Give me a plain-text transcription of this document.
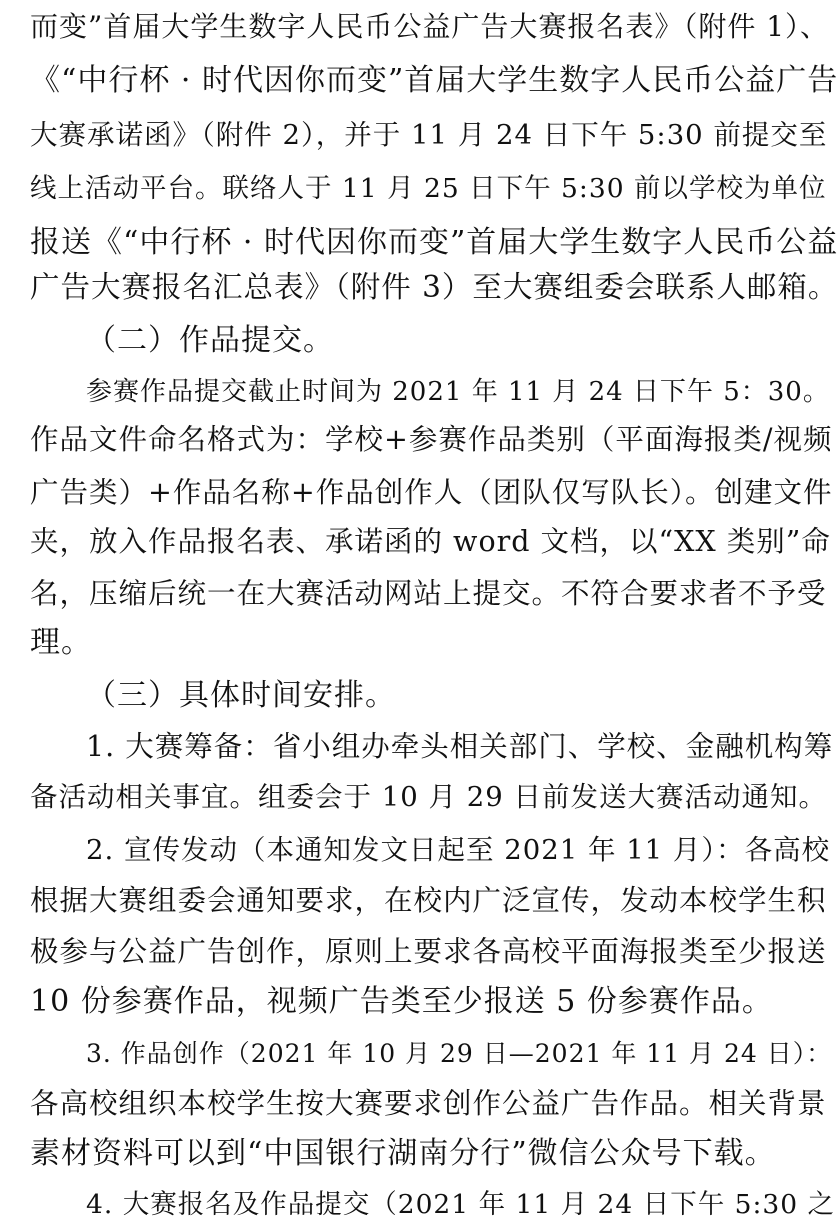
而变”首届大学生数字人民币公益广告大赛报名表》（附件 1）、
《“中行杯 · 时代因你而变”首届大学生数字人民币公益广告
大赛承诺函》（附件 2），并于 11 月 24 日下午 5:30 前提交至
线上活动平台。联络人于 11 月 25 日下午 5:30 前以学校为单位
报送《“中行杯 · 时代因你而变”首届大学生数字人民币公益
广告大赛报名汇总表》（附件 3）至大赛组委会联系人邮箱。
（二）作品提交。
参赛作品提交截止时间为 2021 年 11 月 24 日下午 5：30。
作品文件命名格式为：学校+参赛作品类别（平面海报类/视频
广告类）+作品名称+作品创作人（团队仅写队长）。创建文件
夹，放入作品报名表、承诺函的 word 文档，以“XX 类别”命
名，压缩后统一在大赛活动网站上提交。不符合要求者不予受
理。
（三）具体时间安排。
1. 大赛筹备：省小组办牵头相关部门、学校、金融机构筹
备活动相关事宜。组委会于 10 月 29 日前发送大赛活动通知。
2. 宣传发动（本通知发文日起至 2021 年 11 月）：各高校
根据大赛组委会通知要求，在校内广泛宣传，发动本校学生积
极参与公益广告创作，原则上要求各高校平面海报类至少报送
10 份参赛作品，视频广告类至少报送 5 份参赛作品。
3. 作品创作（2021 年 10 月 29 日—2021 年 11 月 24 日）：
各高校组织本校学生按大赛要求创作公益广告作品。相关背景
素材资料可以到“中国银行湖南分行”微信公众号下载。
4. 大赛报名及作品提交（2021 年 11 月 24 日下午 5:30 之
